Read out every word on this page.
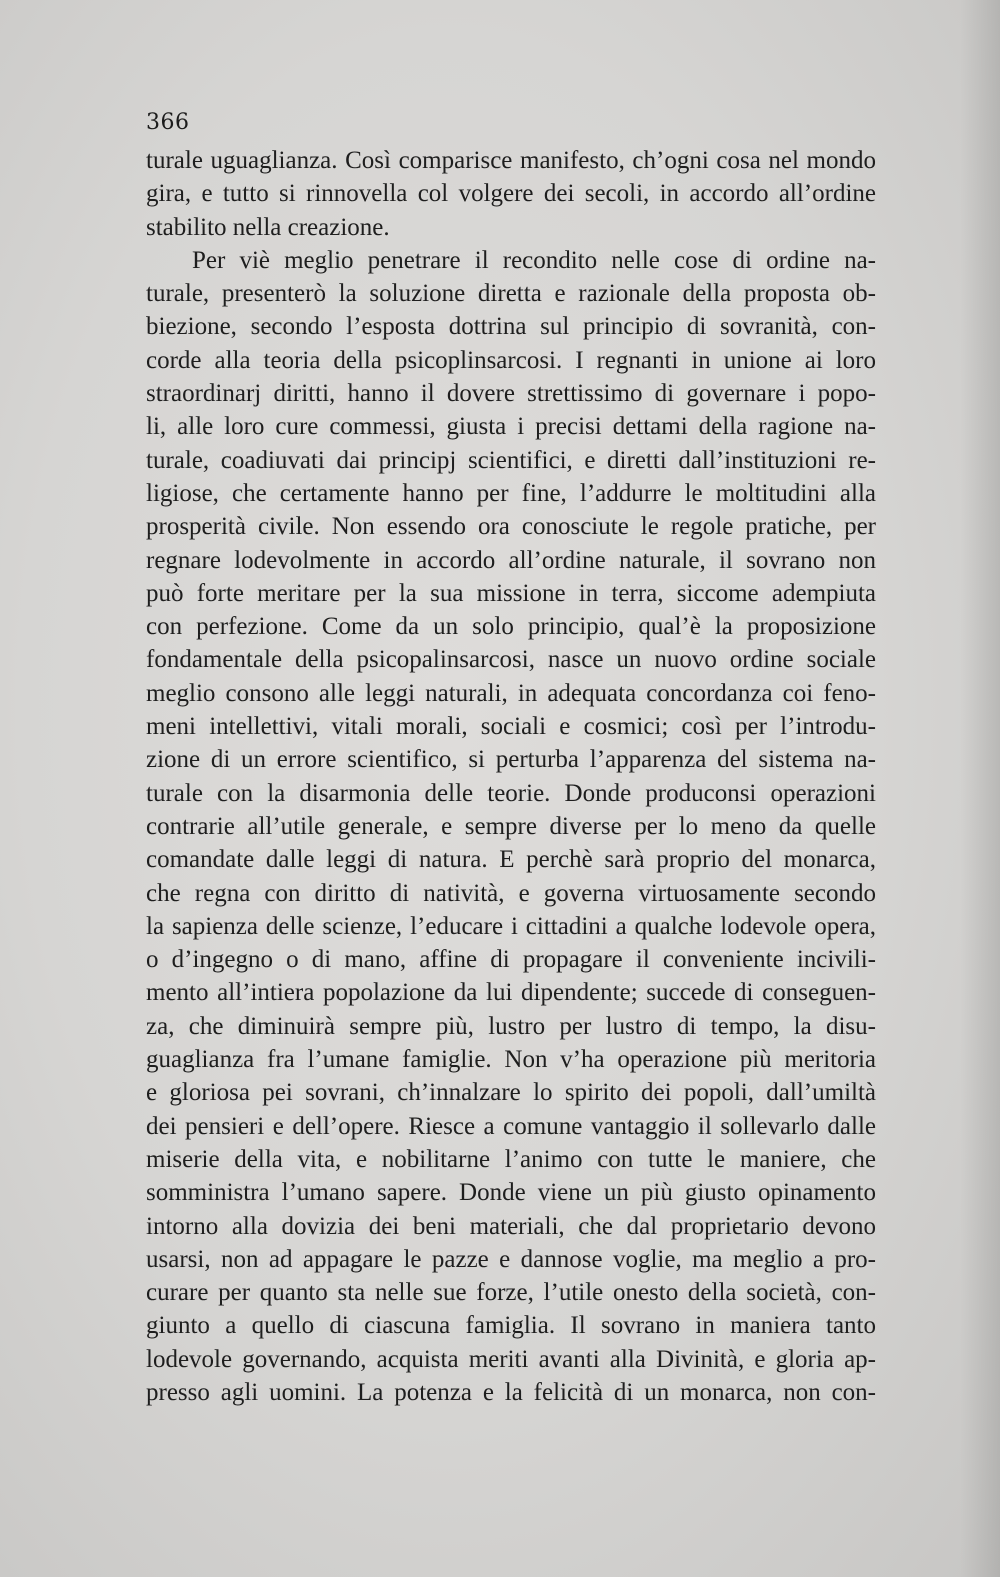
366
turale uguaglianza. Così comparisce manifesto, ch’ogni cosa nel mondo
gira, e tutto si rinnovella col volgere dei secoli, in accordo all’ordine
stabilito nella creazione.
Per viè meglio penetrare il recondito nelle cose di ordine na-
turale, presenterò la soluzione diretta e razionale della proposta ob-
biezione, secondo l’esposta dottrina sul principio di sovranità, con-
corde alla teoria della psicoplinsarcosi. I regnanti in unione ai loro
straordinarj diritti, hanno il dovere strettissimo di governare i popo-
li, alle loro cure commessi, giusta i precisi dettami della ragione na-
turale, coadiuvati dai principj scientifici, e diretti dall’instituzioni re-
ligiose, che certamente hanno per fine, l’addurre le moltitudini alla
prosperità civile. Non essendo ora conosciute le regole pratiche, per
regnare lodevolmente in accordo all’ordine naturale, il sovrano non
può forte meritare per la sua missione in terra, siccome adempiuta
con perfezione. Come da un solo principio, qual’è la proposizione
fondamentale della psicopalinsarcosi, nasce un nuovo ordine sociale
meglio consono alle leggi naturali, in adequata concordanza coi feno-
meni intellettivi, vitali morali, sociali e cosmici; così per l’introdu-
zione di un errore scientifico, si perturba l’apparenza del sistema na-
turale con la disarmonia delle teorie. Donde produconsi operazioni
contrarie all’utile generale, e sempre diverse per lo meno da quelle
comandate dalle leggi di natura. E perchè sarà proprio del monarca,
che regna con diritto di natività, e governa virtuosamente secondo
la sapienza delle scienze, l’educare i cittadini a qualche lodevole opera,
o d’ingegno o di mano, affine di propagare il conveniente incivili-
mento all’intiera popolazione da lui dipendente; succede di conseguen-
za, che diminuirà sempre più, lustro per lustro di tempo, la disu-
guaglianza fra l’umane famiglie. Non v’ha operazione più meritoria
e gloriosa pei sovrani, ch’innalzare lo spirito dei popoli, dall’umiltà
dei pensieri e dell’opere. Riesce a comune vantaggio il sollevarlo dalle
miserie della vita, e nobilitarne l’animo con tutte le maniere, che
somministra l’umano sapere. Donde viene un più giusto opinamento
intorno alla dovizia dei beni materiali, che dal proprietario devono
usarsi, non ad appagare le pazze e dannose voglie, ma meglio a pro-
curare per quanto sta nelle sue forze, l’utile onesto della società, con-
giunto a quello di ciascuna famiglia. Il sovrano in maniera tanto
lodevole governando, acquista meriti avanti alla Divinità, e gloria ap-
presso agli uomini. La potenza e la felicità di un monarca, non con-
